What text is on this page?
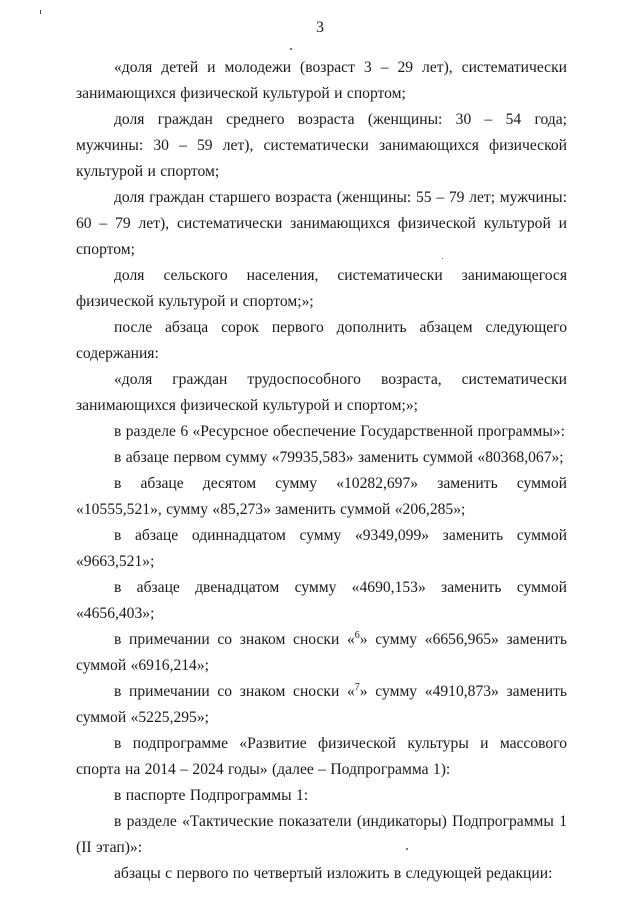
3

«доля детей и молодежи (возраст 3 – 29 лет), систематически занимающихся физической культурой и спортом;

доля граждан среднего возраста (женщины: 30 – 54 года; мужчины: 30 – 59 лет), систематически занимающихся физической культурой и спортом;

доля граждан старшего возраста (женщины: 55 – 79 лет; мужчины: 60 – 79 лет), систематически занимающихся физической культурой и спортом;

доля сельского населения, систематически занимающегося физической культурой и спортом;»;

после абзаца сорок первого дополнить абзацем следующего содержания:

«доля граждан трудоспособного возраста, систематически занимающихся физической культурой и спортом;»;

в разделе 6 «Ресурсное обеспечение Государственной программы»:

в абзаце первом сумму «79935,583» заменить суммой «80368,067»;

в абзаце десятом сумму «10282,697» заменить суммой «10555,521», сумму «85,273» заменить суммой «206,285»;

в абзаце одиннадцатом сумму «9349,099» заменить суммой «9663,521»;

в абзаце двенадцатом сумму «4690,153» заменить суммой «4656,403»;

в примечании со знаком сноски «$^6$» сумму «6656,965» заменить суммой «6916,214»;

в примечании со знаком сноски «$^7$» сумму «4910,873» заменить суммой «5225,295»;

в подпрограмме «Развитие физической культуры и массового спорта на 2014 – 2024 годы» (далее – Подпрограмма 1):

в паспорте Подпрограммы 1:

в разделе «Тактические показатели (индикаторы) Подпрограммы 1 (II этап)»:

абзацы с первого по четвертый изложить в следующей редакции:
